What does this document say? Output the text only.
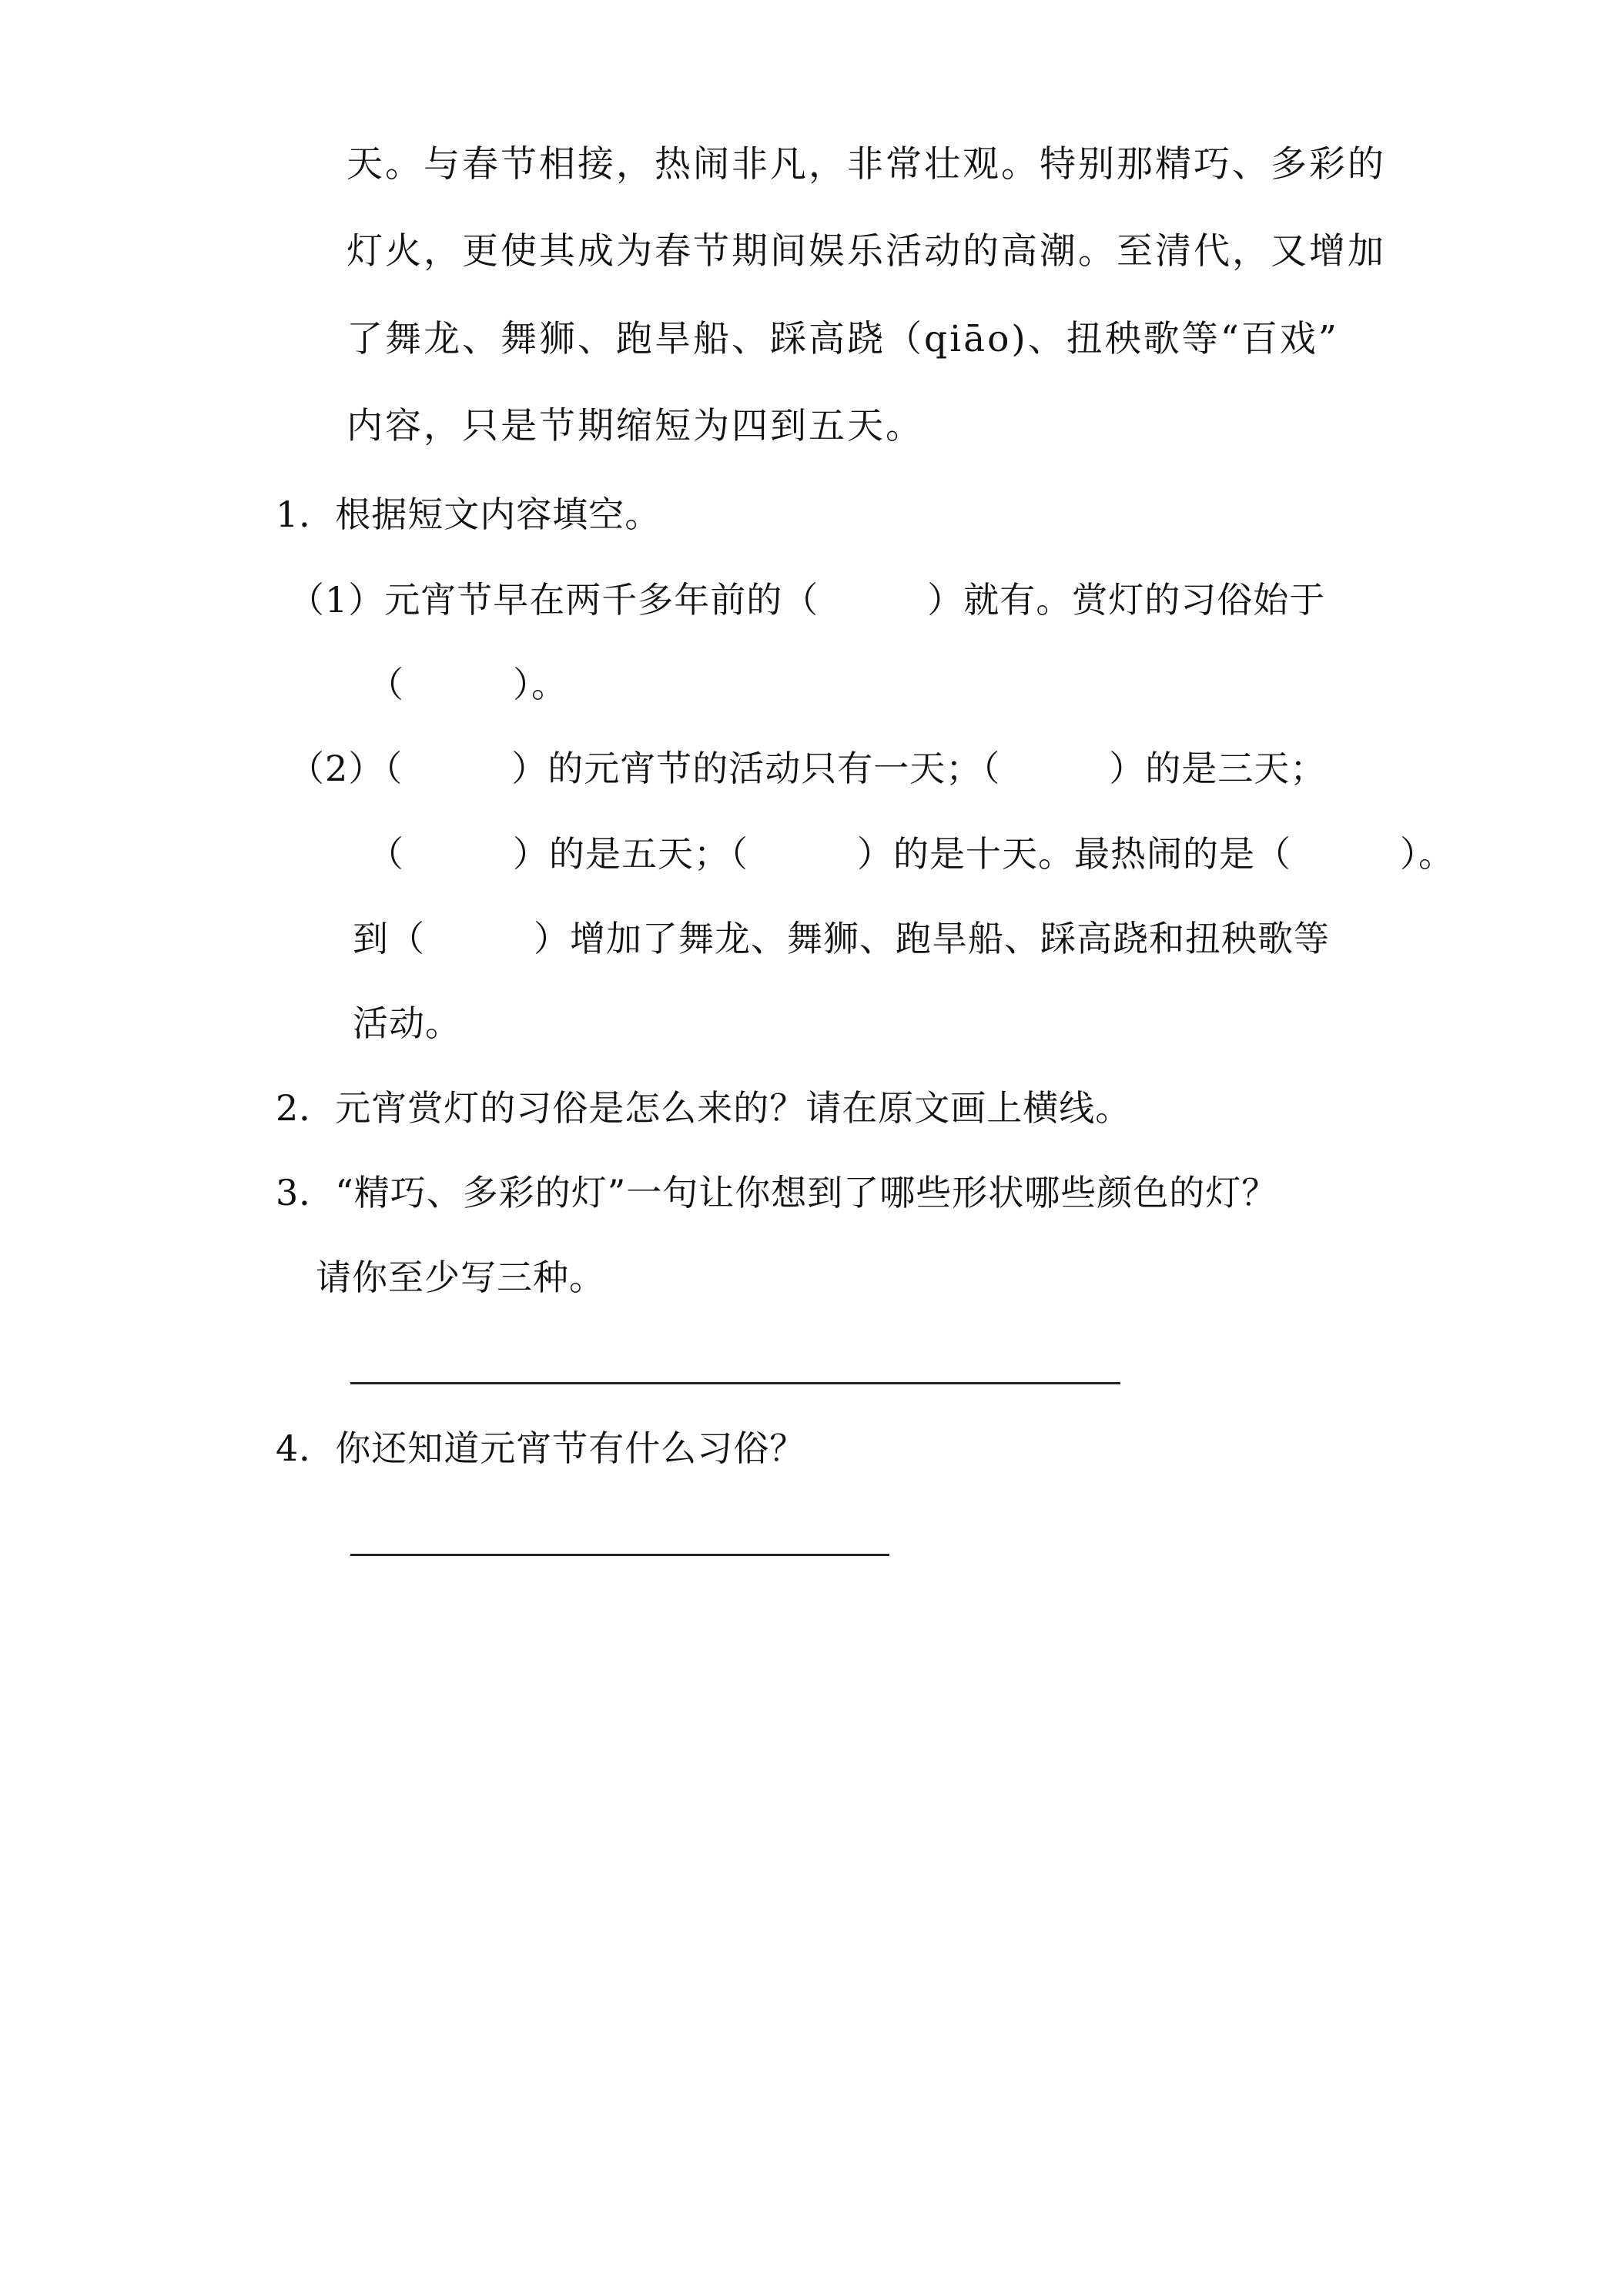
天。与春节相接，热闹非凡，非常壮观。特别那精巧、多彩的
灯火，更使其成为春节期间娱乐活动的高潮。至清代，又增加
了舞龙、舞狮、跑旱船、踩高跷（qiāo)、扭秧歌等“百戏”
内容，只是节期缩短为四到五天。
1．根据短文内容填空。
（1）元宵节早在两千多年前的（　　　）就有。赏灯的习俗始于
（　　　）。
（2）（　　　）的元宵节的活动只有一天；（　　　）的是三天；
（　　　）的是五天；（　　　）的是十天。最热闹的是（　　　）。
到（　　　）增加了舞龙、舞狮、跑旱船、踩高跷和扭秧歌等
活动。
2．元宵赏灯的习俗是怎么来的？请在原文画上横线。
3．“精巧、多彩的灯”一句让你想到了哪些形状哪些颜色的灯？
请你至少写三种。
4．你还知道元宵节有什么习俗？
